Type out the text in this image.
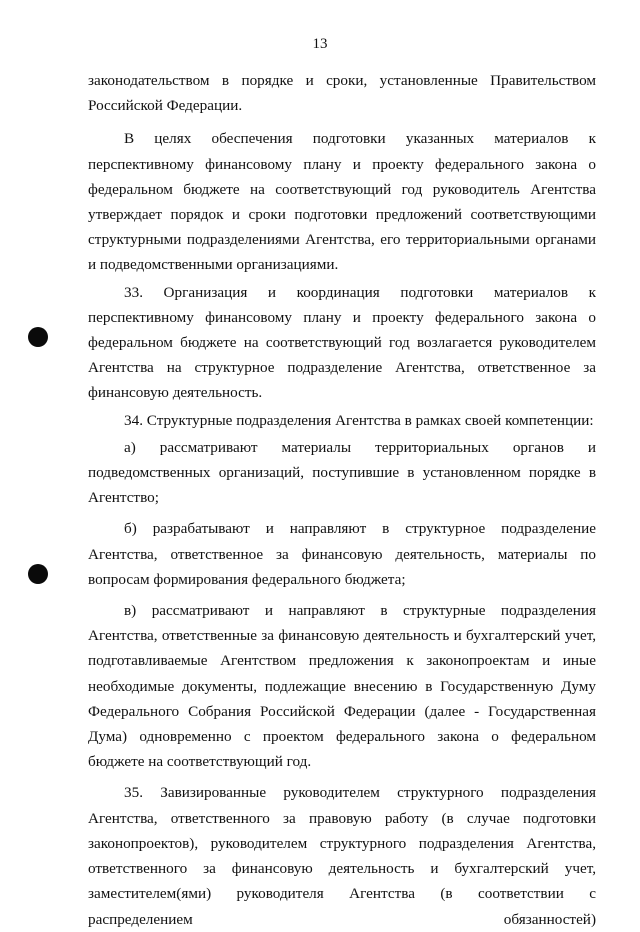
13

законодательством в порядке и сроки, установленные Правительством Российской Федерации.

В целях обеспечения подготовки указанных материалов к перспективному финансовому плану и проекту федерального закона о федеральном бюджете на соответствующий год руководитель Агентства утверждает порядок и сроки подготовки предложений соответствующими структурными подразделениями Агентства, его территориальными органами и подведомственными организациями.

33. Организация и координация подготовки материалов к перспективному финансовому плану и проекту федерального закона о федеральном бюджете на соответствующий год возлагается руководителем Агентства на структурное подразделение Агентства, ответственное за финансовую деятельность.

34. Структурные подразделения Агентства в рамках своей компетенции:

а) рассматривают материалы территориальных органов и подведомственных организаций, поступившие в установленном порядке в Агентство;

б) разрабатывают и направляют в структурное подразделение Агентства, ответственное за финансовую деятельность, материалы по вопросам формирования федерального бюджета;

в) рассматривают и направляют в структурные подразделения Агентства, ответственные за финансовую деятельность и бухгалтерский учет, подготавливаемые Агентством предложения к законопроектам и иные необходимые документы, подлежащие внесению в Государственную Думу Федерального Собрания Российской Федерации (далее - Государственная Дума) одновременно с проектом федерального закона о федеральном бюджете на соответствующий год.

35. Завизированные руководителем структурного подразделения Агентства, ответственного за правовую работу (в случае подготовки законопроектов), руководителем структурного подразделения Агентства, ответственного за финансовую деятельность и бухгалтерский учет, заместителем(ями) руководителя Агентства (в соответствии с распределением обязанностей)
